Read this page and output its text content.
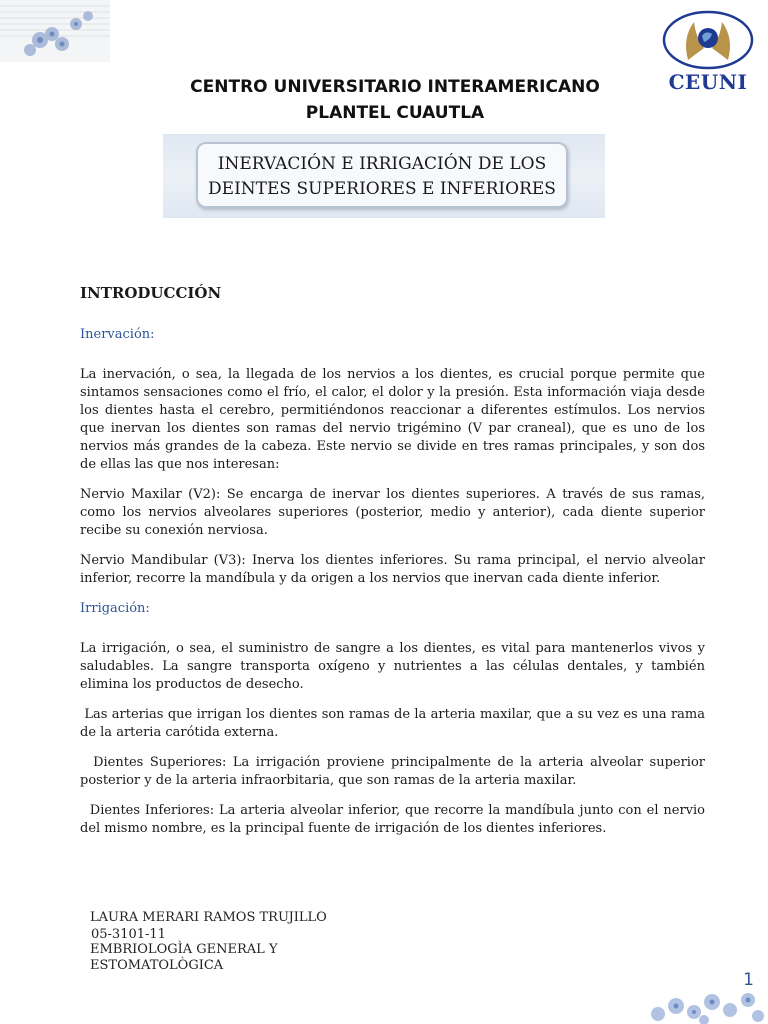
CEUNI
CENTRO UNIVERSITARIO INTERAMERICANO
PLANTEL CUAUTLA
INERVACIÓN E IRRIGACIÓN DE LOS
DEINTES SUPERIORES E INFERIORES
INTRODUCCIÓN
Inervación:

La inervación, o sea, la llegada de los nervios a los dientes, es crucial porque permite que sintamos sensaciones como el frío, el calor, el dolor y la presión. Esta información viaja desde los dientes hasta el cerebro, permitiéndonos reaccionar a diferentes estímulos. Los nervios que inervan los dientes son ramas del nervio trigémino (V par craneal), que es uno de los nervios más grandes de la cabeza. Este nervio se divide en tres ramas principales, y son dos de ellas las que nos interesan:

Nervio Maxilar (V2): Se encarga de inervar los dientes superiores. A través de sus ramas, como los nervios alveolares superiores (posterior, medio y anterior), cada diente superior recibe su conexión nerviosa.

Nervio Mandibular (V3): Inerva los dientes inferiores. Su rama principal, el nervio alveolar inferior, recorre la mandíbula y da origen a los nervios que inervan cada diente inferior.

Irrigación:

La irrigación, o sea, el suministro de sangre a los dientes, es vital para mantenerlos vivos y saludables. La sangre transporta oxígeno y nutrientes a las células dentales, y también elimina los productos de desecho.

Las arterias que irrigan los dientes son ramas de la arteria maxilar, que a su vez es una rama de la arteria carótida externa.

Dientes Superiores: La irrigación proviene principalmente de la arteria alveolar superior posterior y de la arteria infraorbitaria, que son ramas de la arteria maxilar.

Dientes Inferiores: La arteria alveolar inferior, que recorre la mandíbula junto con el nervio del mismo nombre, es la principal fuente de irrigación de los dientes inferiores.

LAURA MERARI RAMOS TRUJILLO
05-3101-11
EMBRIOLOGÌA GENERAL Y
ESTOMATOLÒGICA
1
